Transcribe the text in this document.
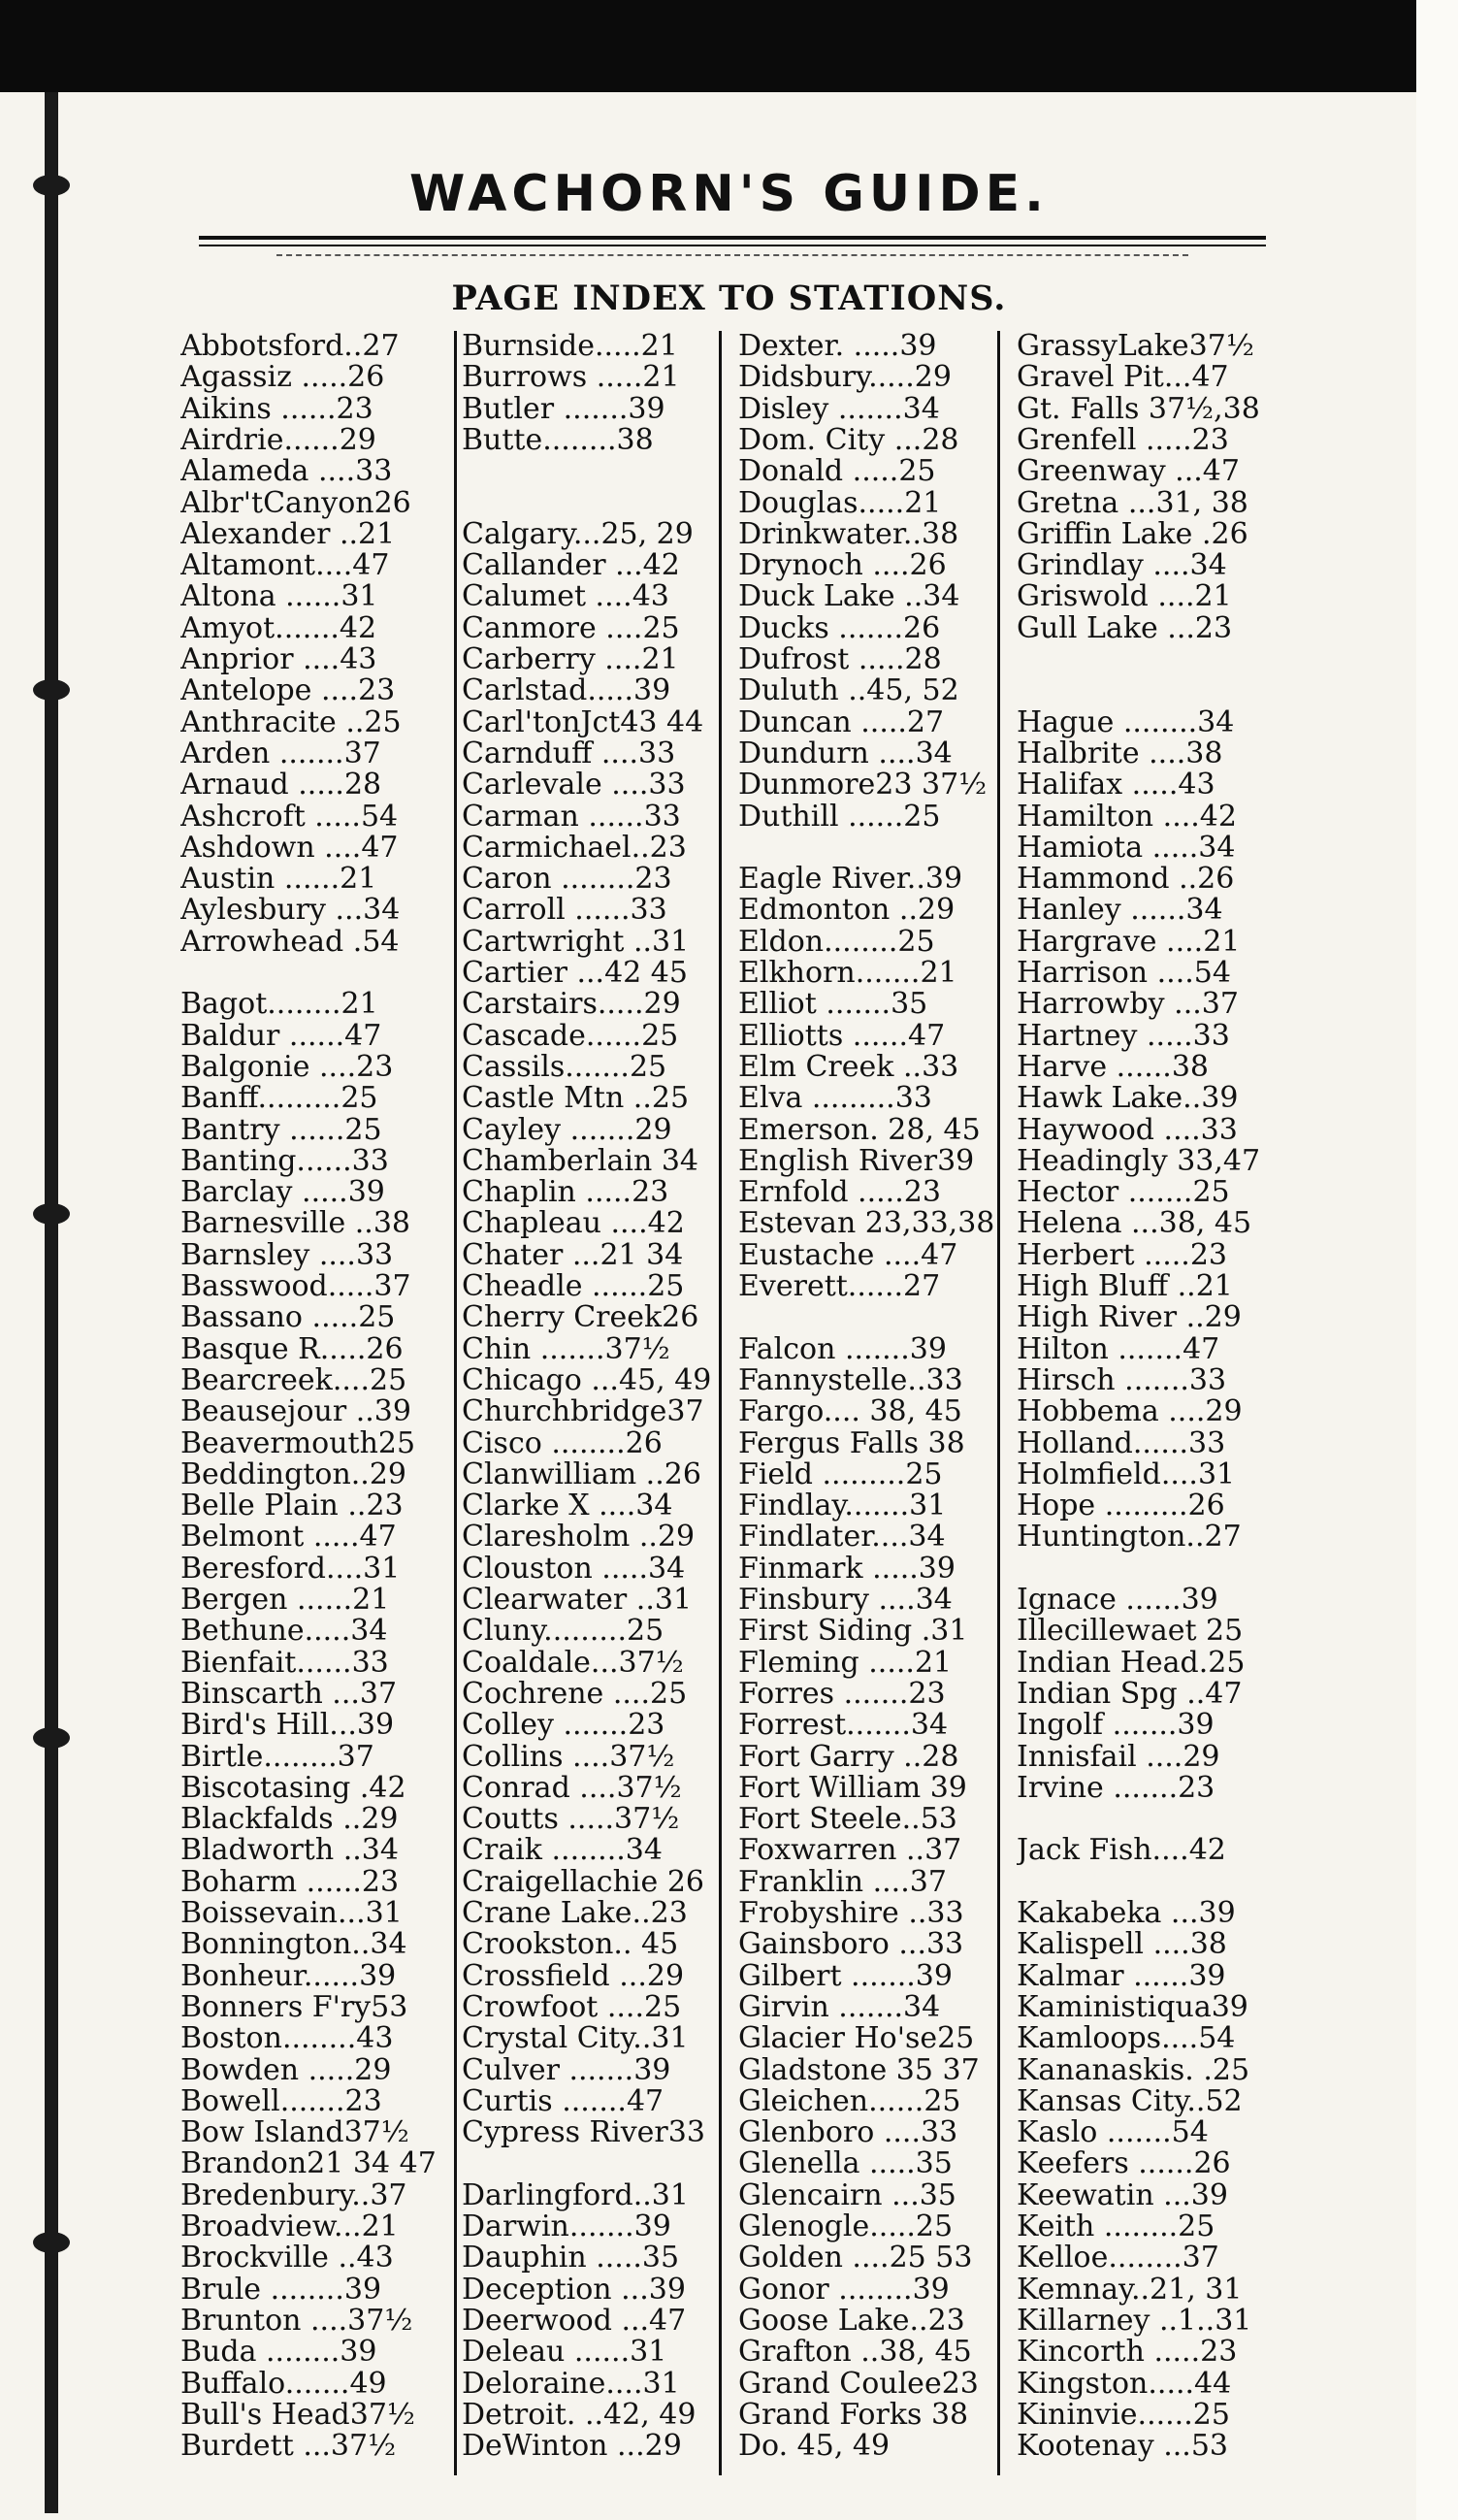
WACHORN'S GUIDE.
PAGE INDEX TO STATIONS.
Abbotsford..27
Agassiz .....26
Aikins ......23
Airdrie......29
Alameda ....33
Albr'tCanyon26
Alexander ..21
Altamont....47
Altona ......31
Amyot.......42
Anprior ....43
Antelope ....23
Anthracite ..25
Arden .......37
Arnaud .....28
Ashcroft .....54
Ashdown ....47
Austin ......21
Aylesbury ...34
Arrowhead .54
Bagot........21
Baldur ......47
Balgonie ....23
Banff.........25
Bantry ......25
Banting......33
Barclay .....39
Barnesville ..38
Barnsley ....33
Basswood.....37
Bassano .....25
Basque R.....26
Bearcreek....25
Beausejour ..39
Beavermouth25
Beddington..29
Belle Plain ..23
Belmont .....47
Beresford....31
Bergen ......21
Bethune.....34
Bienfait......33
Binscarth ...37
Bird's Hill...39
Birtle........37
Biscotasing .42
Blackfalds ..29
Bladworth ..34
Boharm ......23
Boissevain...31
Bonnington..34
Bonheur......39
Bonners F'ry53
Boston........43
Bowden .....29
Bowell.......23
Bow Island37½
Brandon21 34 47
Bredenbury..37
Broadview...21
Brockville ..43
Brule ........39
Brunton ....37½
Buda ........39
Buffalo.......49
Bull's Head37½
Burdett ...37½
Burnside.....21
Burrows .....21
Butler .......39
Butte........38
Calgary...25, 29
Callander ...42
Calumet ....43
Canmore ....25
Carberry ....21
Carlstad.....39
Carl'tonJct43 44
Carnduff ....33
Carlevale ....33
Carman ......33
Carmichael..23
Caron ........23
Carroll ......33
Cartwright ..31
Cartier ...42 45
Carstairs.....29
Cascade......25
Cassils.......25
Castle Mtn ..25
Cayley .......29
Chamberlain 34
Chaplin .....23
Chapleau ....42
Chater ...21 34
Cheadle ......25
Cherry Creek26
Chin .......37½
Chicago ...45, 49
Churchbridge37
Cisco ........26
Clanwilliam ..26
Clarke X ....34
Claresholm ..29
Clouston .....34
Clearwater ..31
Cluny.........25
Coaldale...37½
Cochrene ....25
Colley .......23
Collins ....37½
Conrad ....37½
Coutts .....37½
Craik ........34
Craigellachie 26
Crane Lake..23
Crookston.. 45
Crossfield ...29
Crowfoot ....25
Crystal City..31
Culver .......39
Curtis .......47
Cypress River33
Darlingford..31
Darwin.......39
Dauphin .....35
Deception ...39
Deerwood ...47
Deleau ......31
Deloraine....31
Detroit. ..42, 49
DeWinton ...29
Dexter. .....39
Didsbury.....29
Disley .......34
Dom. City ...28
Donald .....25
Douglas.....21
Drinkwater..38
Drynoch ....26
Duck Lake ..34
Ducks .......26
Dufrost .....28
Duluth ..45, 52
Duncan .....27
Dundurn ....34
Dunmore23 37½
Duthill ......25
Eagle River..39
Edmonton ..29
Eldon........25
Elkhorn.......21
Elliot .......35
Elliotts ......47
Elm Creek ..33
Elva .........33
Emerson. 28, 45
English River39
Ernfold .....23
Estevan 23,33,38
Eustache ....47
Everett......27
Falcon .......39
Fannystelle..33
Fargo.... 38, 45
Fergus Falls 38
Field .........25
Findlay.......31
Findlater....34
Finmark .....39
Finsbury ....34
First Siding .31
Fleming .....21
Forres .......23
Forrest.......34
Fort Garry ..28
Fort William 39
Fort Steele..53
Foxwarren ..37
Franklin ....37
Frobyshire ..33
Gainsboro ...33
Gilbert .......39
Girvin .......34
Glacier Ho'se25
Gladstone 35 37
Gleichen......25
Glenboro ....33
Glenella .....35
Glencairn ...35
Glenogle.....25
Golden ....25 53
Gonor ........39
Goose Lake..23
Grafton ..38, 45
Grand Coulee23
Grand Forks 38
Do. 45, 49
GrassyLake37½
Gravel Pit...47
Gt. Falls 37½,38
Grenfell .....23
Greenway ...47
Gretna ...31, 38
Griffin Lake .26
Grindlay ....34
Griswold ....21
Gull Lake ...23
Hague ........34
Halbrite ....38
Halifax .....43
Hamilton ....42
Hamiota .....34
Hammond ..26
Hanley ......34
Hargrave ....21
Harrison ....54
Harrowby ...37
Hartney .....33
Harve ......38
Hawk Lake..39
Haywood ....33
Headingly 33,47
Hector .......25
Helena ...38, 45
Herbert .....23
High Bluff ..21
High River ..29
Hilton .......47
Hirsch .......33
Hobbema ....29
Holland......33
Holmfield....31
Hope .........26
Huntington..27
Ignace ......39
Illecillewaet 25
Indian Head.25
Indian Spg ..47
Ingolf .......39
Innisfail ....29
Irvine .......23
Jack Fish....42
Kakabeka ...39
Kalispell ....38
Kalmar ......39
Kaministiqua39
Kamloops....54
Kananaskis. .25
Kansas City..52
Kaslo .......54
Keefers ......26
Keewatin ...39
Keith ........25
Kelloe........37
Kemnay..21, 31
Killarney ..1..31
Kincorth .....23
Kingston.....44
Kininvie......25
Kootenay ...53
